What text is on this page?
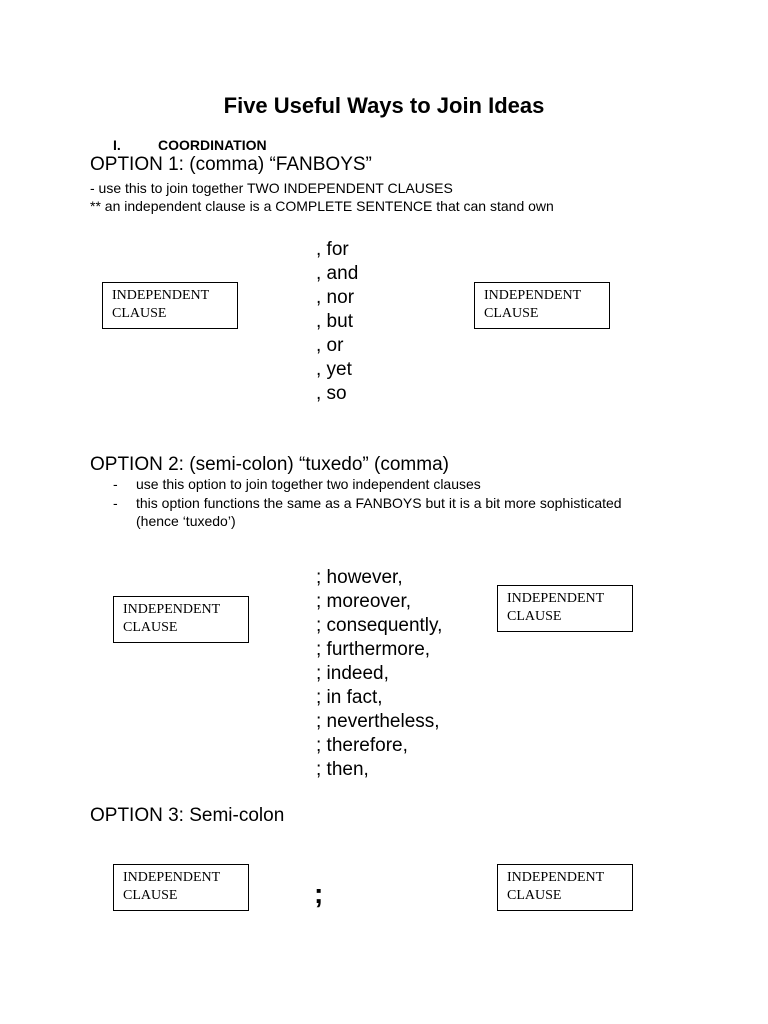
Five Useful Ways to Join Ideas
I.	COORDINATION
OPTION 1: (comma) “FANBOYS”
- use this to join together TWO INDEPENDENT CLAUSES
** an independent clause is a COMPLETE SENTENCE that can stand own
INDEPENDENT
CLAUSE
, for
, and
, nor
, but
, or
, yet
, so
INDEPENDENT
CLAUSE
OPTION 2: (semi-colon) “tuxedo” (comma)
- use this option to join together two independent clauses
- this option functions the same as a FANBOYS but it is a bit more sophisticated
(hence ‘tuxedo’)
INDEPENDENT
CLAUSE
; however,
; moreover,
; consequently,
; furthermore,
; indeed,
; in fact,
; nevertheless,
; therefore,
; then,
INDEPENDENT
CLAUSE
OPTION 3: Semi-colon
INDEPENDENT
CLAUSE	;
INDEPENDENT
CLAUSE
